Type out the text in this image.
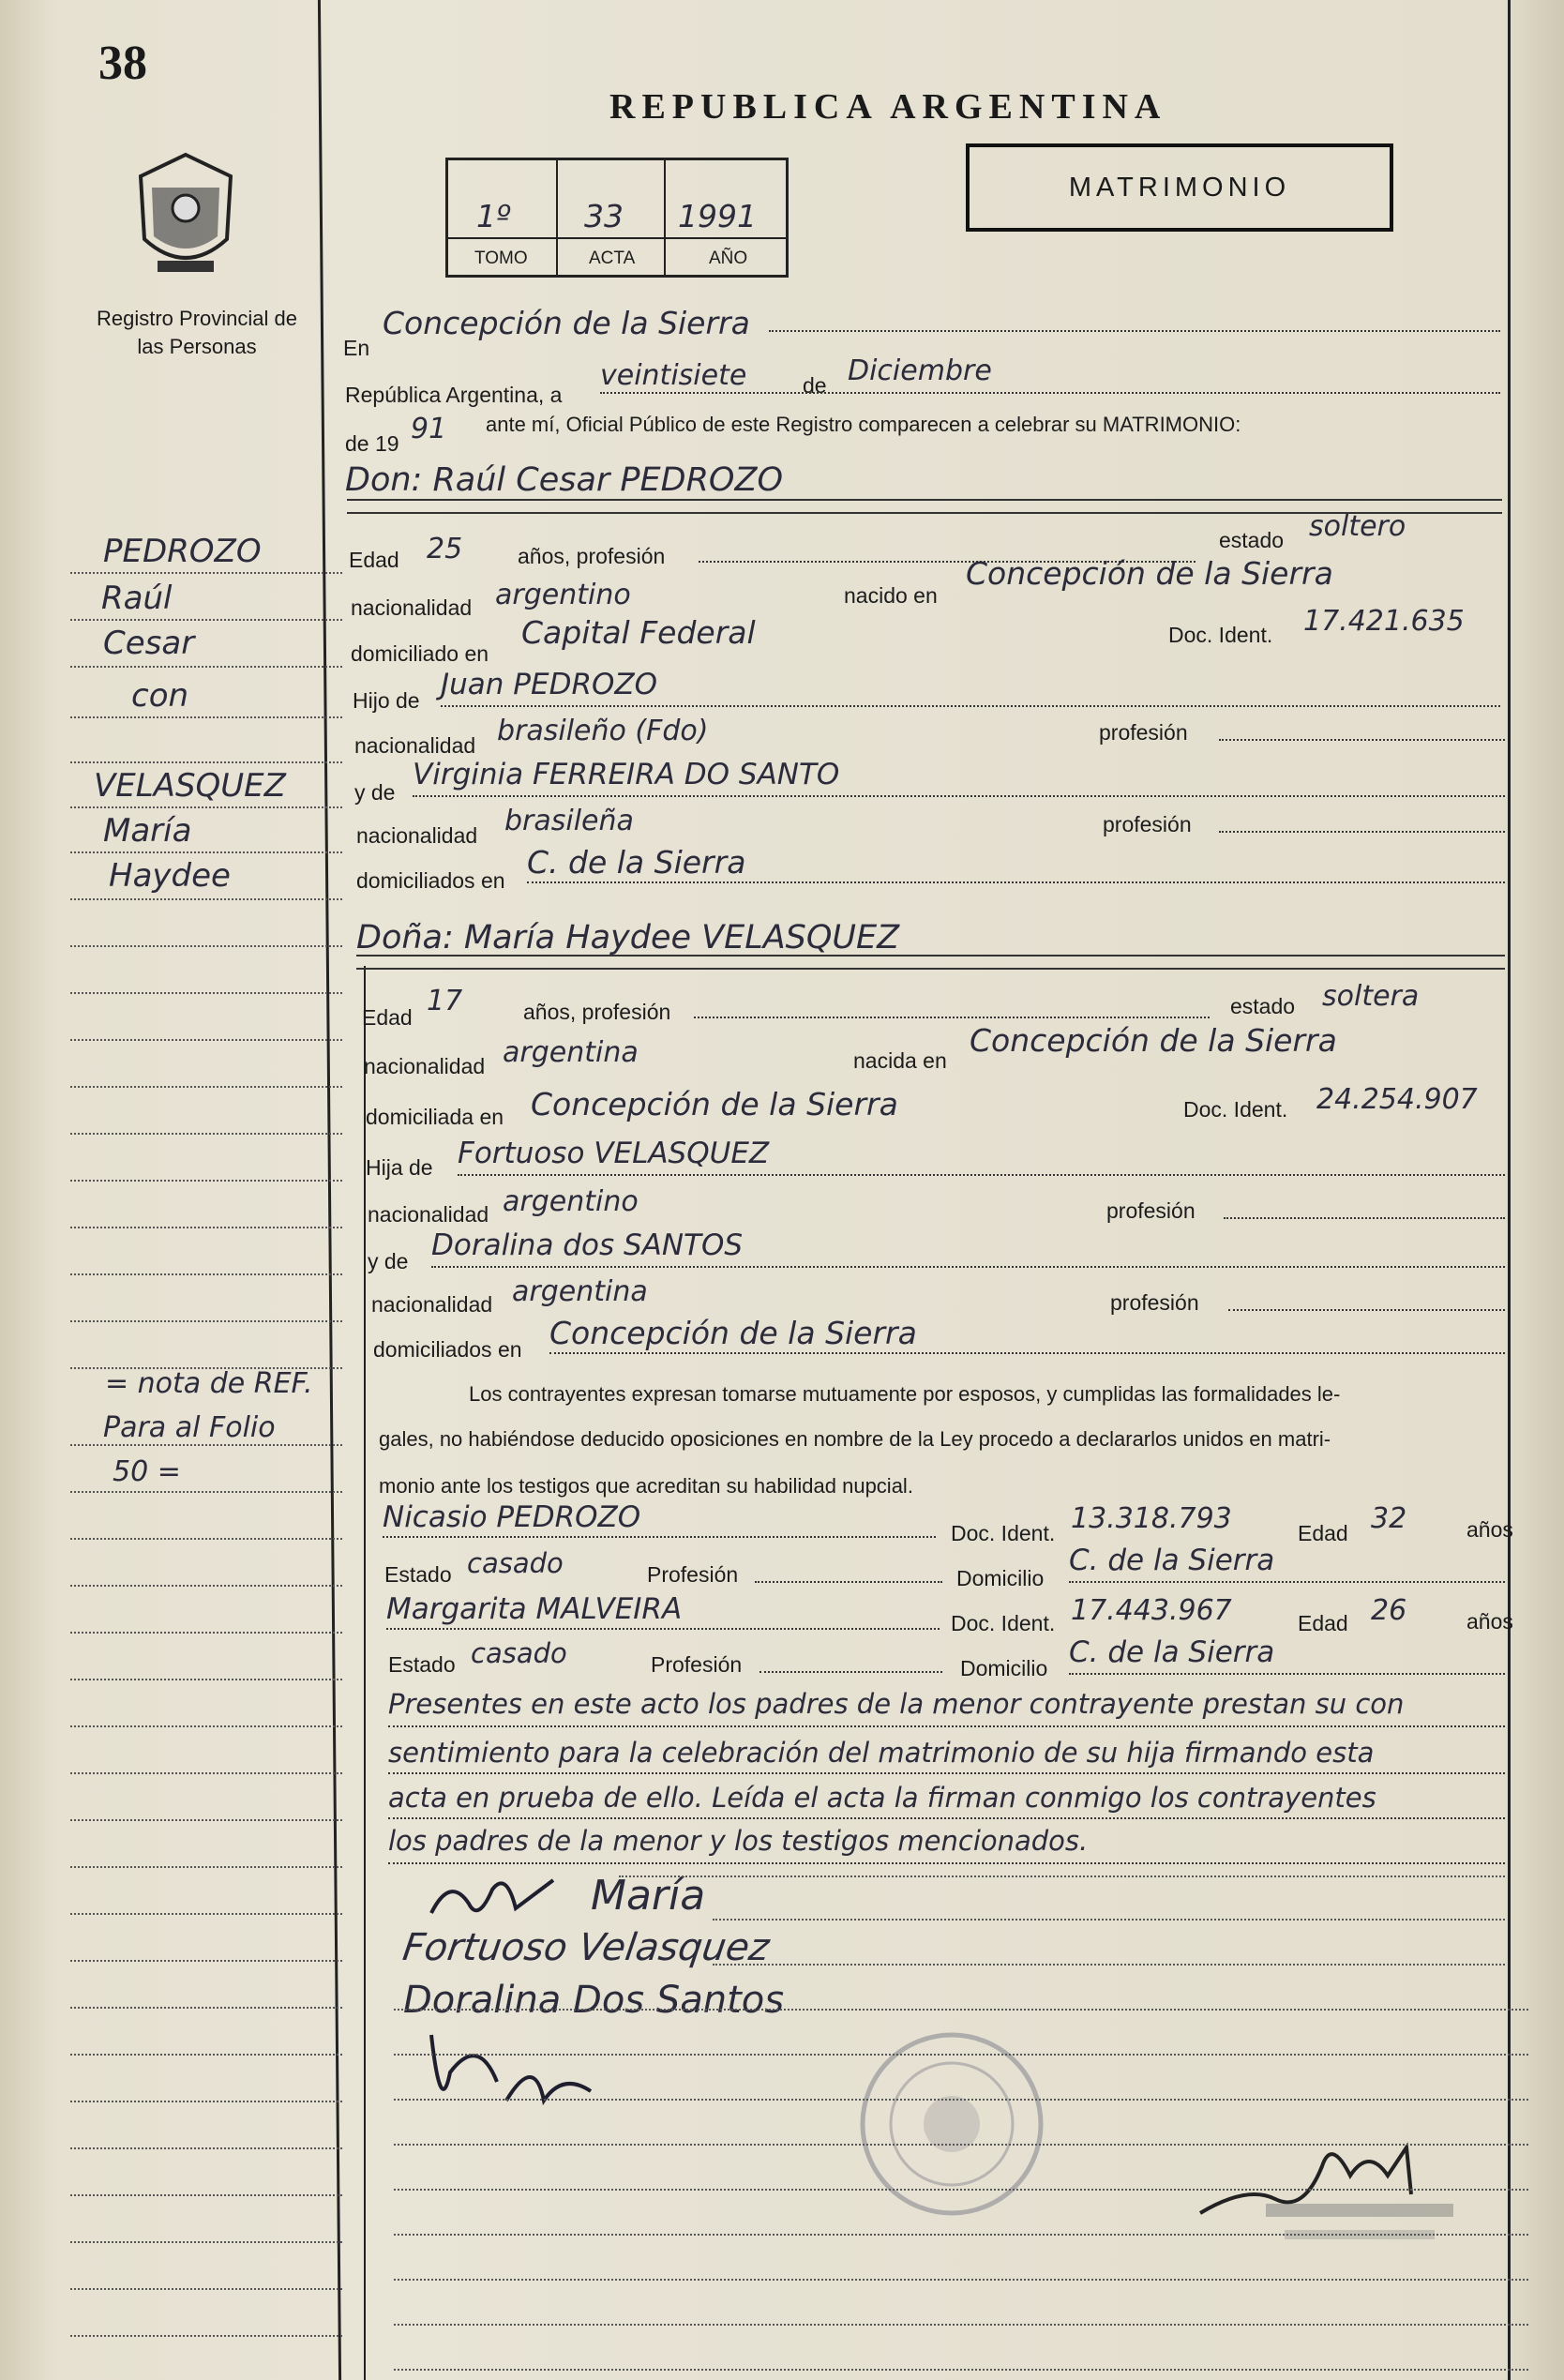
38
Registro Provincial de las Personas
REPUBLICA ARGENTINA
1º 33 1991
TOMO	ACTA	AÑO
MATRIMONIO
En
Concepción de la Sierra
República Argentina, a
veintisiete	de Diciembre
de 19 91 ante mí, Oficial Público de este Registro comparecen a celebrar su MATRIMONIO:
Don: Raúl Cesar PEDROZO
Edad 25	años, profesión
estado soltero
nacionalidad argentino	nacido en
Concepción de la Sierra
domiciliado en
Capital Federal	Doc. Ident. 17.421.635
Hijo de Juan PEDROZO
nacionalidad brasileño (Fdo)	profesión
y de
Virginia FERREIRA DO SANTO
nacionalidad brasileña	profesión
domiciliados en C. de la Sierra
Doña: María Haydee VELASQUEZ
Edad 17	años, profesión	estado soltera
nacionalidad argentina	nacida en
Concepción de la Sierra
domiciliada en Concepción de la Sierra	Doc. Ident. 24.254.907
Hija de Fortuoso VELASQUEZ
nacionalidad argentino	profesión
y de Doralina dos SANTOS
nacionalidad argentina	profesión
domiciliados en Concepción de la Sierra
Los contrayentes expresan tomarse mutuamente por esposos, y cumplidas las formalidades le-
gales, no habiéndose deducido oposiciones en nombre de la Ley procedo a declararlos unidos en matri-
monio ante los testigos que acreditan su habilidad nupcial.
Nicasio PEDROZO	Doc. Ident. 13.318.793	Edad 32	años
Estado casado	Profesión	Domicilio
C. de la Sierra
Margarita MALVEIRA	Doc. Ident. 17.443.967	Edad 26	años
Estado casado	Profesión	Domicilio C. de la Sierra
Presentes en este acto los padres de la menor contrayente prestan su con
sentimiento para la celebración del matrimonio de su hija firmando esta
acta en prueba de ello. Leída el acta la firman conmigo los contrayentes
los padres de la menor y los testigos mencionados.
María
Fortuoso Velasquez
Doralina Dos Santos
PEDROZO
Raúl
Cesar
con
VELASQUEZ
María
Haydee
= nota de REF.
Para al Folio
50 =
